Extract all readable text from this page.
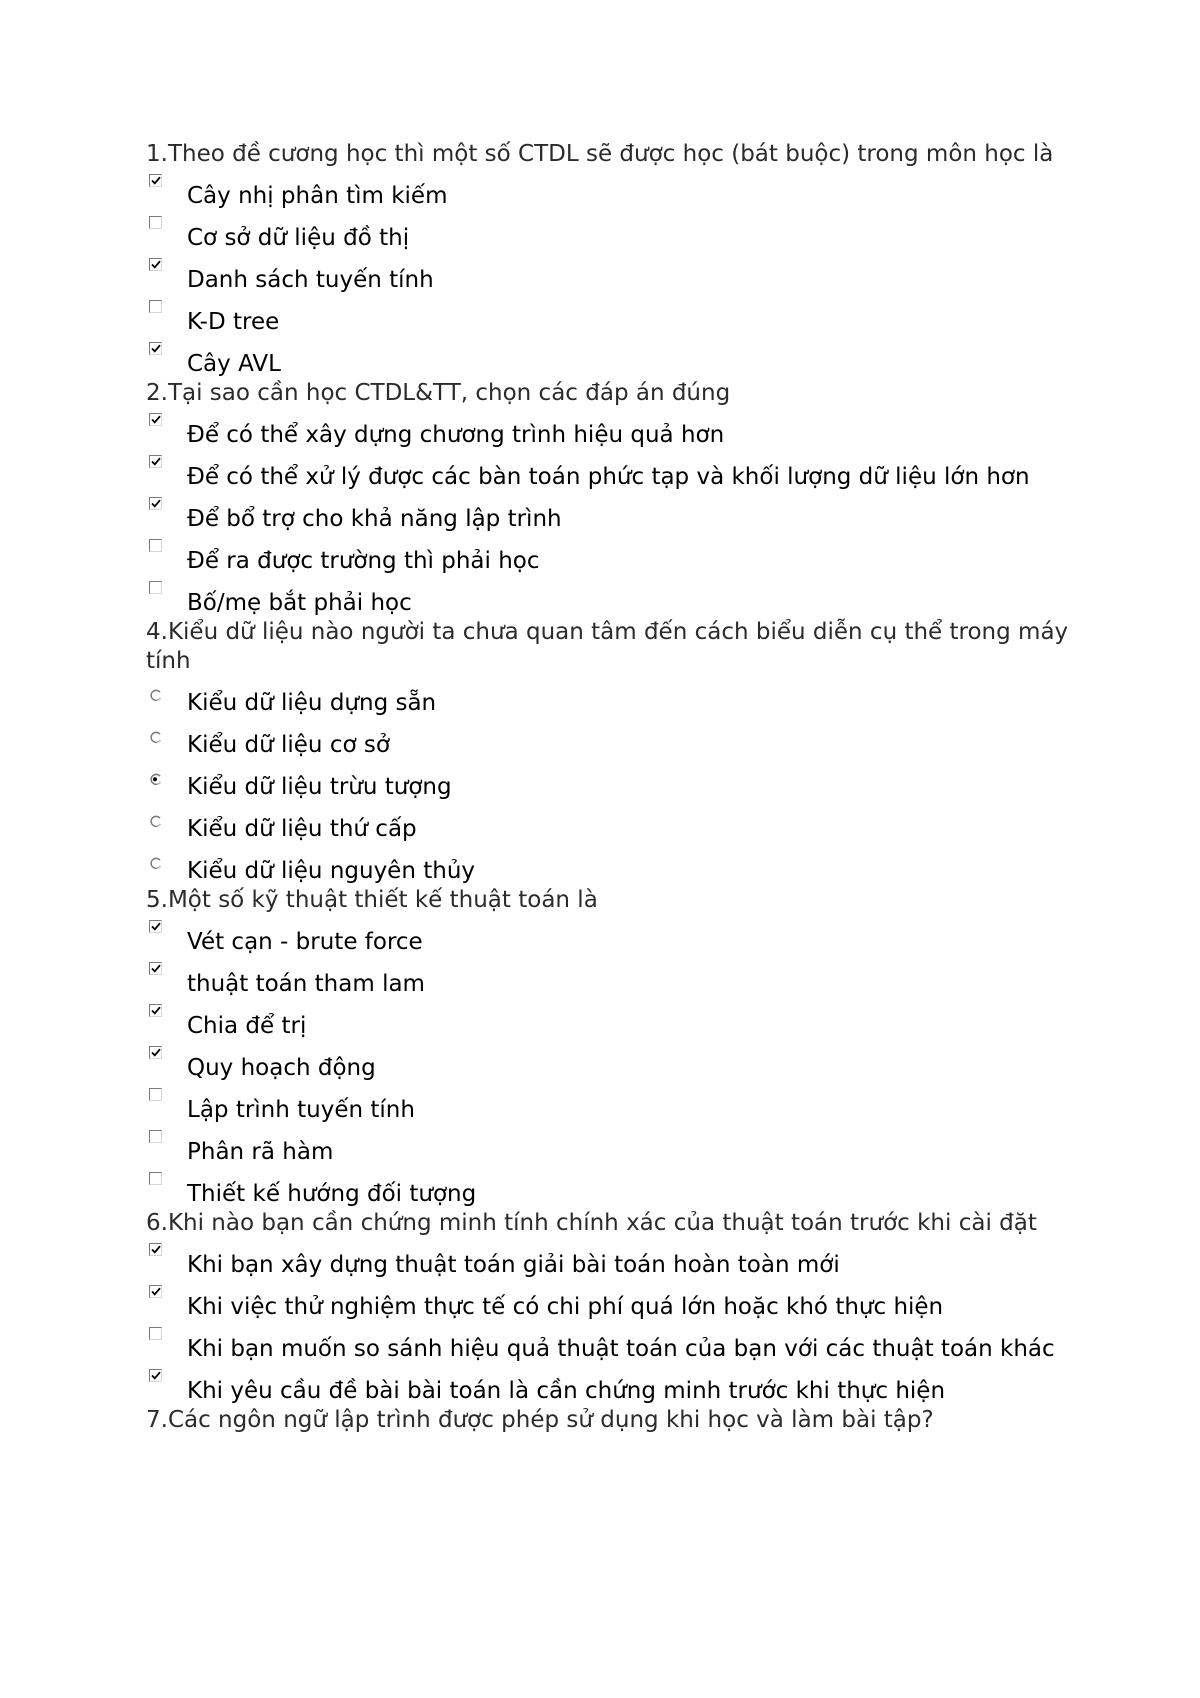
1.Theo đề cương học thì một số CTDL sẽ được học (bát buộc) trong môn học là
Cây nhị phân tìm kiếm
Cơ sở dữ liệu đồ thị
Danh sách tuyến tính
K-D tree
Cây AVL
2.Tại sao cần học CTDL&TT, chọn các đáp án đúng
Để có thể xây dựng chương trình hiệu quả hơn
Để có thể xử lý được các bàn toán phức tạp và khối lượng dữ liệu lớn hơn
Để bổ trợ cho khả năng lập trình
Để ra được trường thì phải học
Bố/mẹ bắt phải học
4.Kiểu dữ liệu nào người ta chưa quan tâm đến cách biểu diễn cụ thể trong máy tính
Kiểu dữ liệu dựng sẵn
Kiểu dữ liệu cơ sở
Kiểu dữ liệu trừu tượng
Kiểu dữ liệu thứ cấp
Kiểu dữ liệu nguyên thủy
5.Một số kỹ thuật thiết kế thuật toán là
Vét cạn - brute force
thuật toán tham lam
Chia để trị
Quy hoạch động
Lập trình tuyến tính
Phân rã hàm
Thiết kế hướng đối tượng
6.Khi nào bạn cần chứng minh tính chính xác của thuật toán trước khi cài đặt
Khi bạn xây dựng thuật toán giải bài toán hoàn toàn mới
Khi việc thử nghiệm thực tế có chi phí quá lớn hoặc khó thực hiện
Khi bạn muốn so sánh hiệu quả thuật toán của bạn với các thuật toán khác
Khi yêu cầu đề bài bài toán là cần chứng minh trước khi thực hiện
7.Các ngôn ngữ lập trình được phép sử dụng khi học và làm bài tập?
